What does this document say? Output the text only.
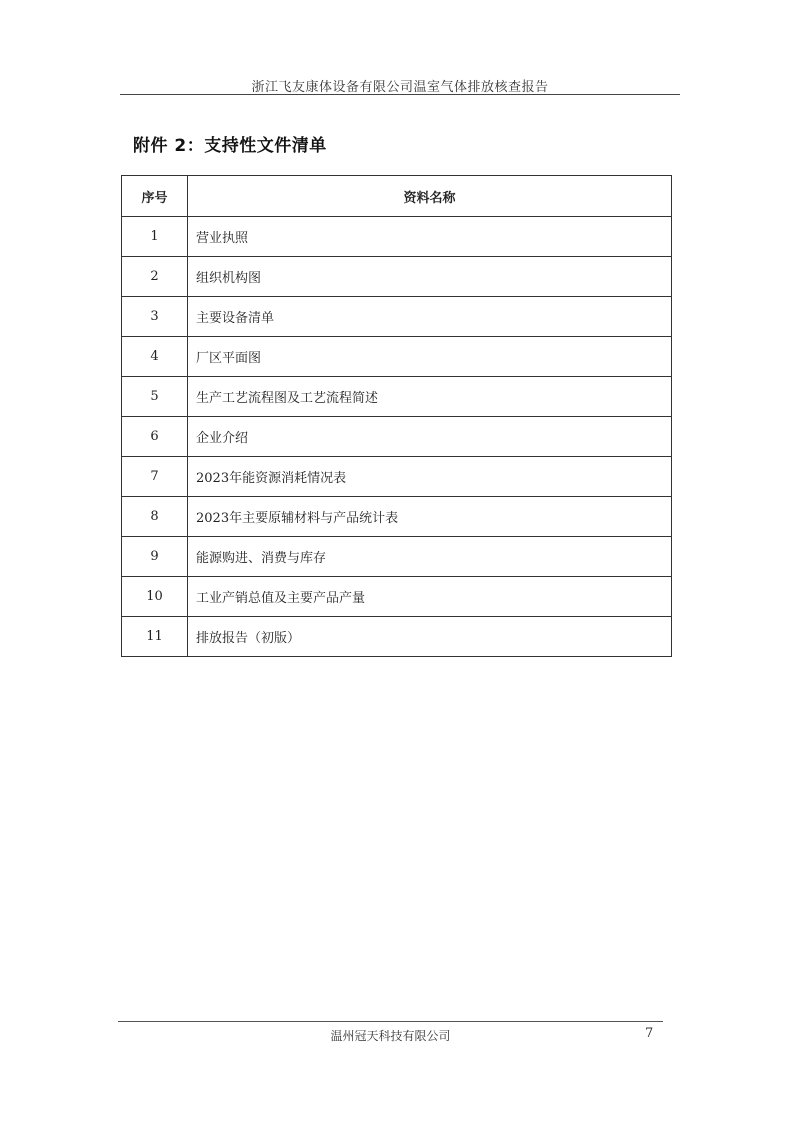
浙江飞友康体设备有限公司温室气体排放核查报告
附件 2：支持性文件清单
序号	资料名称
1	营业执照
2	组织机构图
3	主要设备清单
4	厂区平面图
5	生产工艺流程图及工艺流程简述
6	企业介绍
7	2023年能资源消耗情况表
8	2023年主要原辅材料与产品统计表
9	能源购进、消费与库存
10	工业产销总值及主要产品产量
11	排放报告（初版）
温州冠天科技有限公司	7
